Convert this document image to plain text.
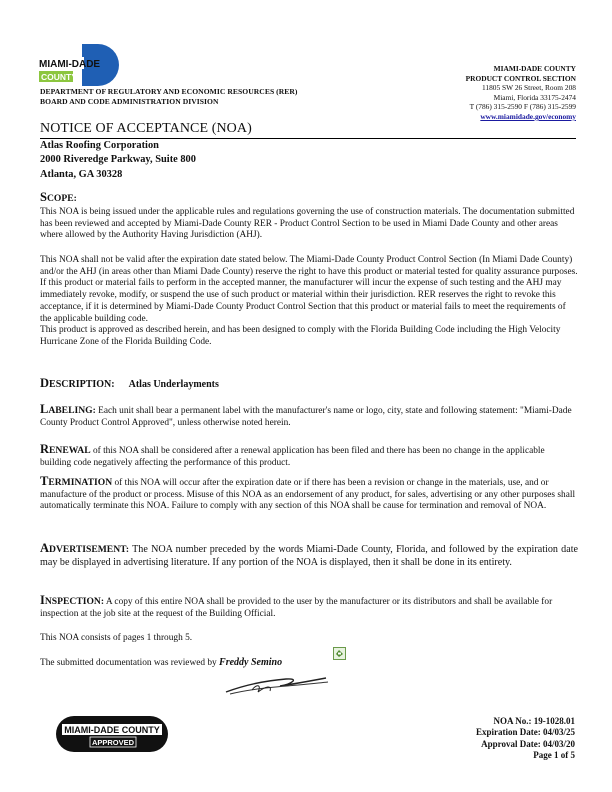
MIAMI-DADE
COUNTY
DEPARTMENT OF REGULATORY AND ECONOMIC RESOURCES (RER)
BOARD AND CODE ADMINISTRATION DIVISION
MIAMI-DADE COUNTY
PRODUCT CONTROL SECTION
11805 SW 26 Street, Room 208
Miami, Florida 33175-2474
T (786) 315-2590 F (786) 315-2599
www.miamidade.gov/economy
NOTICE OF ACCEPTANCE (NOA)
Atlas Roofing Corporation
2000 Riveredge Parkway, Suite 800
Atlanta, GA 30328
SCOPE:
This NOA is being issued under the applicable rules and regulations governing the use of construction materials. The documentation submitted has been reviewed and accepted by Miami-Dade County RER - Product Control Section to be used in Miami Dade County and other areas where allowed by the Authority Having Jurisdiction (AHJ).
This NOA shall not be valid after the expiration date stated below. The Miami-Dade County Product Control Section (In Miami Dade County) and/or the AHJ (in areas other than Miami Dade County) reserve the right to have this product or material tested for quality assurance purposes. If this product or material fails to perform in the accepted manner, the manufacturer will incur the expense of such testing and the AHJ may immediately revoke, modify, or suspend the use of such product or material within their jurisdiction. RER reserves the right to revoke this acceptance, if it is determined by Miami-Dade County Product Control Section that this product or material fails to meet the requirements of the applicable building code.
This product is approved as described herein, and has been designed to comply with the Florida Building Code including the High Velocity Hurricane Zone of the Florida Building Code.
DESCRIPTION: Atlas Underlayments
LABELING: Each unit shall bear a permanent label with the manufacturer's name or logo, city, state and following statement: "Miami-Dade County Product Control Approved", unless otherwise noted herein.
RENEWAL of this NOA shall be considered after a renewal application has been filed and there has been no change in the applicable building code negatively affecting the performance of this product.
TERMINATION of this NOA will occur after the expiration date or if there has been a revision or change in the materials, use, and or manufacture of the product or process. Misuse of this NOA as an endorsement of any product, for sales, advertising or any other purposes shall automatically terminate this NOA. Failure to comply with any section of this NOA shall be cause for termination and removal of NOA.
ADVERTISEMENT: The NOA number preceded by the words Miami-Dade County, Florida, and followed by the expiration date may be displayed in advertising literature. If any portion of the NOA is displayed, then it shall be done in its entirety.
INSPECTION: A copy of this entire NOA shall be provided to the user by the manufacturer or its distributors and shall be available for inspection at the job site at the request of the Building Official.
This NOA consists of pages 1 through 5.
The submitted documentation was reviewed by Freddy Semino
MIAMI-DADE COUNTY
APPROVED
NOA No.: 19-1028.01
Expiration Date: 04/03/25
Approval Date: 04/03/20
Page 1 of 5
